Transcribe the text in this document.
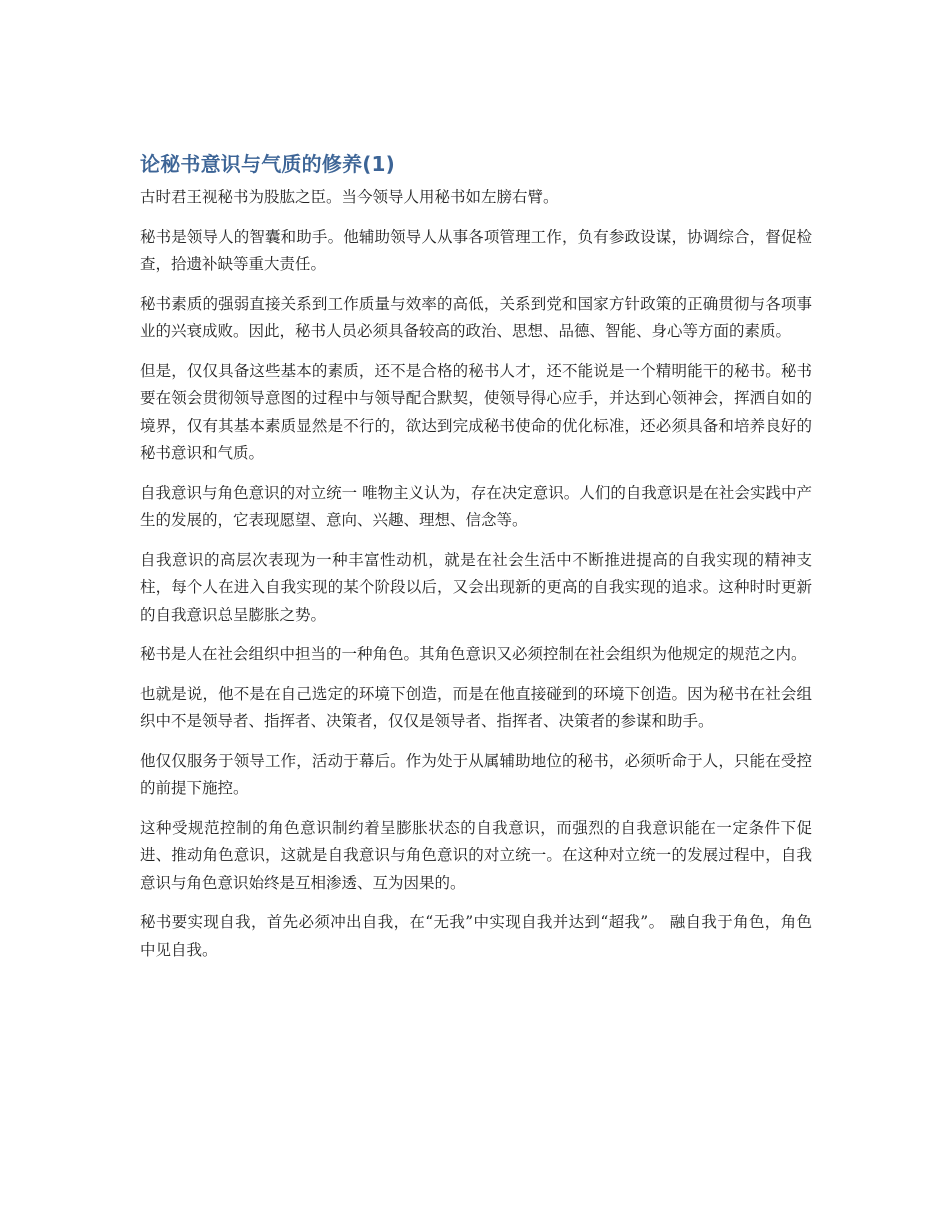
论秘书意识与气质的修养(1)

古时君王视秘书为股肱之臣。当今领导人用秘书如左膀右臂。

秘书是领导人的智囊和助手。他辅助领导人从事各项管理工作，负有参政设谋，协调综合，督促检查，拾遗补缺等重大责任。

秘书素质的强弱直接关系到工作质量与效率的高低，关系到党和国家方针政策的正确贯彻与各项事业的兴衰成败。因此，秘书人员必须具备较高的政治、思想、品德、智能、身心等方面的素质。

但是，仅仅具备这些基本的素质，还不是合格的秘书人才，还不能说是一个精明能干的秘书。秘书要在领会贯彻领导意图的过程中与领导配合默契，使领导得心应手，并达到心领神会，挥洒自如的境界，仅有其基本素质显然是不行的，欲达到完成秘书使命的优化标准，还必须具备和培养良好的秘书意识和气质。

自我意识与角色意识的对立统一 唯物主义认为，存在决定意识。人们的自我意识是在社会实践中产生的发展的，它表现愿望、意向、兴趣、理想、信念等。

自我意识的高层次表现为一种丰富性动机，就是在社会生活中不断推进提高的自我实现的精神支柱，每个人在进入自我实现的某个阶段以后，又会出现新的更高的自我实现的追求。这种时时更新的自我意识总呈膨胀之势。

秘书是人在社会组织中担当的一种角色。其角色意识又必须控制在社会组织为他规定的规范之内。

也就是说，他不是在自己选定的环境下创造，而是在他直接碰到的环境下创造。因为秘书在社会组织中不是领导者、指挥者、决策者，仅仅是领导者、指挥者、决策者的参谋和助手。

他仅仅服务于领导工作，活动于幕后。作为处于从属辅助地位的秘书，必须听命于人，只能在受控的前提下施控。

这种受规范控制的角色意识制约着呈膨胀状态的自我意识，而强烈的自我意识能在一定条件下促进、推动角色意识，这就是自我意识与角色意识的对立统一。在这种对立统一的发展过程中，自我意识与角色意识始终是互相渗透、互为因果的。

秘书要实现自我，首先必须冲出自我，在“无我”中实现自我并达到“超我”。 融自我于角色，角色中见自我。
